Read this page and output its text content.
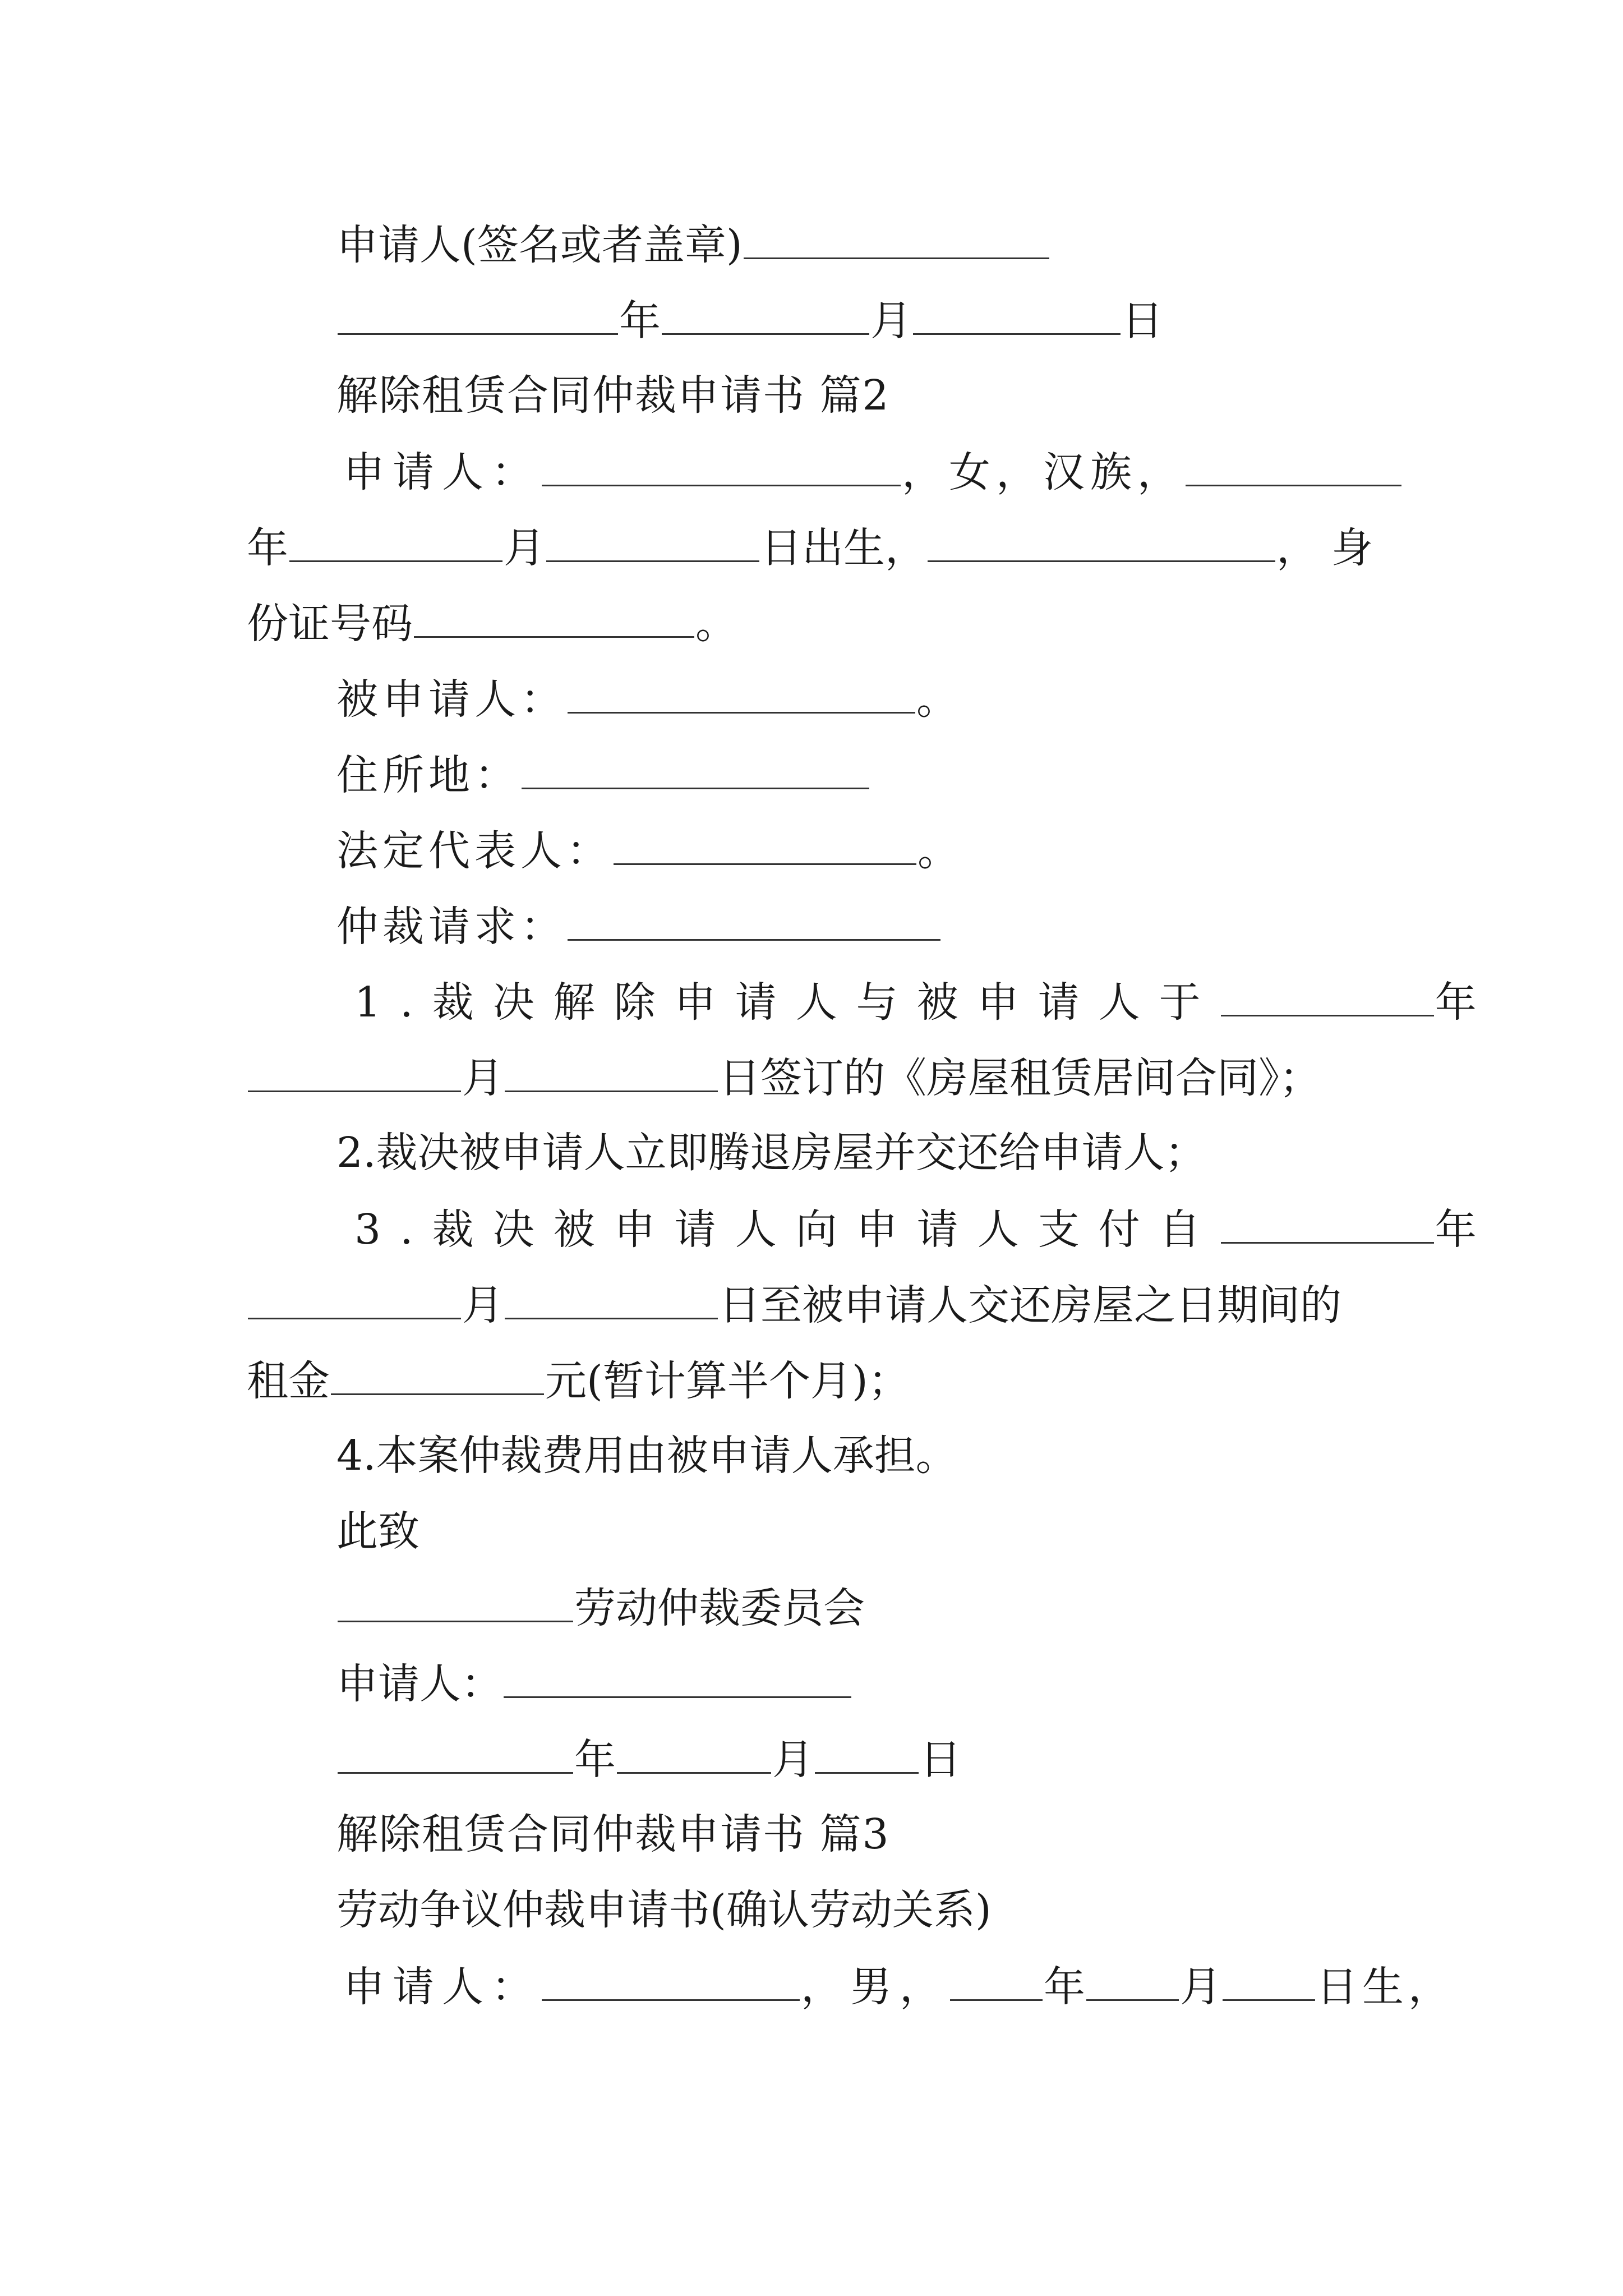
申请人(签名或者盖章)
年	月	日
解除租赁合同仲裁申请书 篇2
申请人：	，女，汉族，
年	月	日出生，	，身
份证号码	。
被申请人：	。
住所地：
法定代表人：	。
仲裁请求：
1.裁决解除申请人与被申请人于	年
月	日签订的《房屋租赁居间合同》；
2.裁决被申请人立即腾退房屋并交还给申请人；
3.裁决被申请人向申请人支付自	年
月	日至被申请人交还房屋之日期间的
租金	元(暂计算半个月)；
4.本案仲裁费用由被申请人承担。
此致
劳动仲裁委员会
申请人：
年	月	日
解除租赁合同仲裁申请书 篇3
劳动争议仲裁申请书(确认劳动关系)
申请人：	，男， 年 月 日生，
